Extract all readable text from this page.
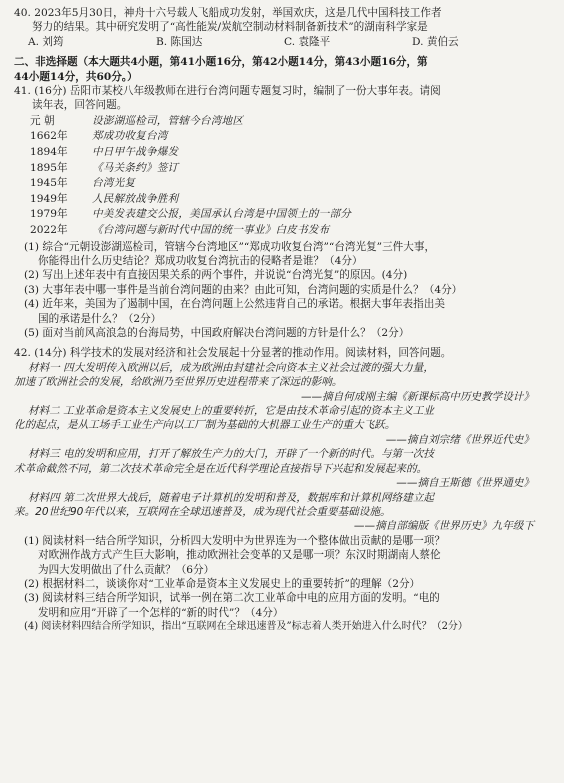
40. 2023年5月30日，神舟十六号载人飞船成功发射，举国欢庆，这是几代中国科技工作者
努力的结果。其中研究发明了“高性能炭/炭航空制动材料制备新技术”的湖南科学家是
A. 刘筠	B. 陈国达	C. 袁隆平	D. 黄伯云
二、非选择题（本大题共4小题，第41小题16分，第42小题14分，第43小题16分，第
44小题14分，共60分。）
41. (16分) 岳阳市某校八年级教师在进行台湾问题专题复习时，编制了一份大事年表。请阅
读年表，回答问题。
元 朝	设澎湖巡检司，管辖今台湾地区
1662年	郑成功收复台湾
1894年	中日甲午战争爆发
1895年	《马关条约》签订
1945年	台湾光复
1949年	人民解放战争胜利
1979年	中美发表建交公报，美国承认台湾是中国领土的一部分
2022年	《台湾问题与新时代中国的统一事业》白皮书发布
(1) 综合“元朝设澎湖巡检司，管辖今台湾地区”“郑成功收复台湾”“台湾光复”三件大事，
你能得出什么历史结论？郑成功收复台湾抗击的侵略者是谁？（4分）
(2) 写出上述年表中有直接因果关系的两个事件，并说说“台湾光复”的原因。(4分)
(3) 大事年表中哪一事件是当前台湾问题的由来？由此可知，台湾问题的实质是什么？（4分）
(4) 近年来，美国为了遏制中国，在台湾问题上公然违背自己的承诺。根据大事年表指出美
国的承诺是什么？（2分）
(5) 面对当前风高浪急的台海局势，中国政府解决台湾问题的方针是什么？（2分）
42. (14分) 科学技术的发展对经济和社会发展起十分显著的推动作用。阅读材料，回答问题。
材料一 四大发明传入欧洲以后，成为欧洲由封建社会向资本主义社会过渡的强大力量，
加速了欧洲社会的发展，给欧洲乃至世界历史进程带来了深远的影响。
——摘自何成刚主编《新课标高中历史教学设计》
材料二 工业革命是资本主义发展史上的重要转折，它是由技术革命引起的资本主义工业
化的起点，是从工场手工业生产向以工厂制为基础的大机器工业生产的重大飞跃。
——摘自刘宗绪《世界近代史》
材料三 电的发明和应用，打开了解放生产力的大门，开辟了一个新的时代。与第一次技
术革命截然不同，第二次技术革命完全是在近代科学理论直接指导下兴起和发展起来的。
——摘自王斯德《世界通史》
材料四 第二次世界大战后，随着电子计算机的发明和普及，数据库和计算机网络建立起
来。20世纪90年代以来，互联网在全球迅速普及，成为现代社会重要基础设施。
——摘自部编版《世界历史》九年级下
(1) 阅读材料一结合所学知识，分析四大发明中为世界连为一个整体做出贡献的是哪一项？
对欧洲作战方式产生巨大影响，推动欧洲社会变革的又是哪一项？东汉时期湖南人蔡伦
为四大发明做出了什么贡献？（6分）
(2) 根据材料二，谈谈你对“工业革命是资本主义发展史上的重要转折”的理解（2分）
(3) 阅读材料三结合所学知识，试举一例在第二次工业革命中电的应用方面的发明。“电的
发明和应用”开辟了一个怎样的“新的时代”？（4分）
(4) 阅读材料四结合所学知识，指出“互联网在全球迅速普及”标志着人类开始进入什么时代？（2分）
